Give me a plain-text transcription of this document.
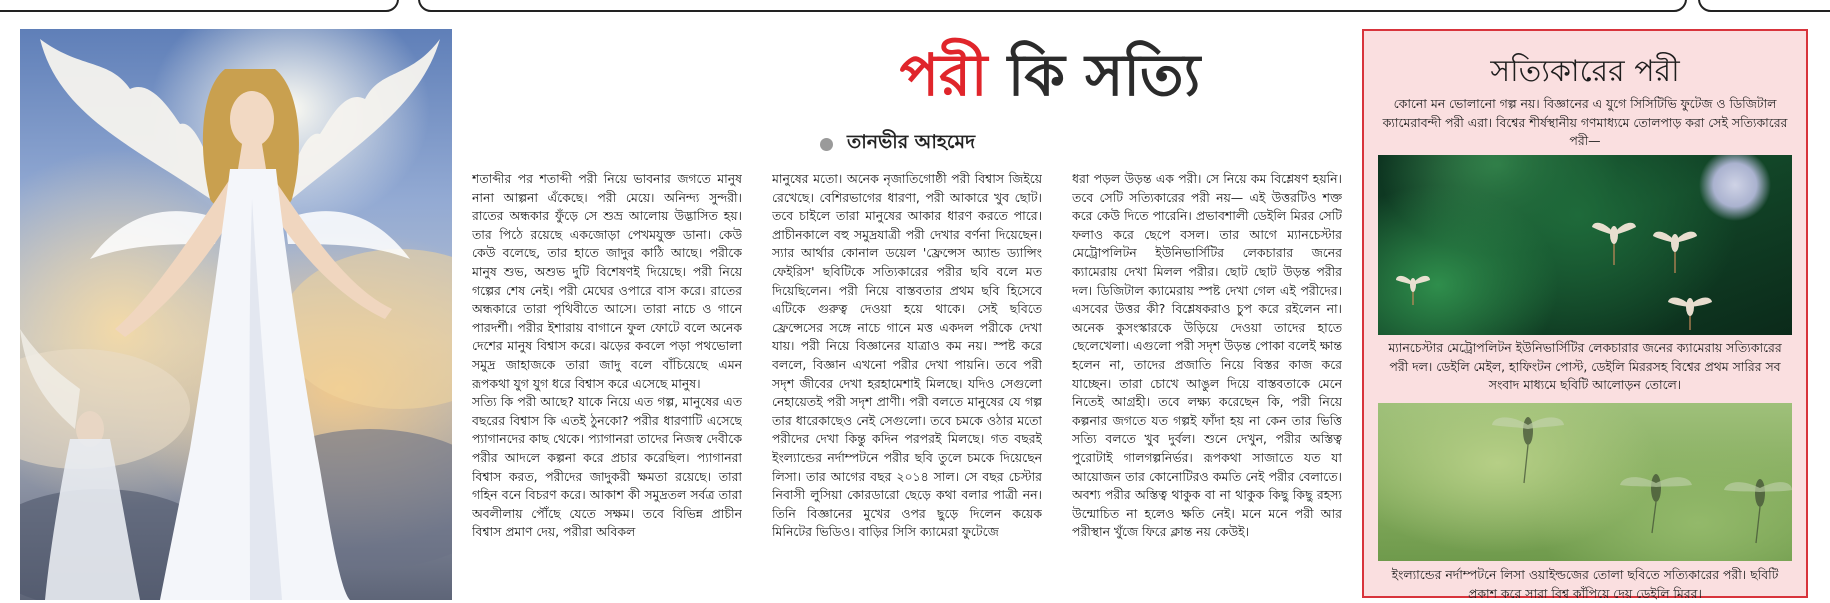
পরী কি সত্যি
তানভীর আহমেদ

শতাব্দীর পর শতাব্দী পরী নিয়ে ভাবনার জগতে মানুষ নানা আল্পনা এঁকেছে। পরী মেয়ে। অনিন্দ্য সুন্দরী। রাতের অন্ধকার ফুঁড়ে সে শুভ্র আলোয় উদ্ভাসিত হয়। তার পিঠে রয়েছে একজোড়া পেখমযুক্ত ডানা। কেউ কেউ বলেছে, তার হাতে জাদুর কাঠি আছে। পরীকে মানুষ শুভ, অশুভ দুটি বিশেষণই দিয়েছে। পরী নিয়ে গল্পের শেষ নেই। পরী মেঘের ওপারে বাস করে। রাতের অন্ধকারে তারা পৃথিবীতে আসে। তারা নাচে ও গানে পারদর্শী। পরীর ইশারায় বাগানে ফুল ফোটে বলে অনেক দেশের মানুষ বিশ্বাস করে। ঝড়ের কবলে পড়া পথভোলা সমুদ্র জাহাজকে তারা জাদু বলে বাঁচিয়েছে এমন রূপকথা যুগ যুগ ধরে বিশ্বাস করে এসেছে মানুষ।
সত্যি কি পরী আছে? যাকে নিয়ে এত গল্প, মানুষের এত বছরের বিশ্বাস কি এতই ঠুনকো? পরীর ধারণাটি এসেছে প্যাগানদের কাছ থেকে। প্যাগানরা তাদের নিজস্ব দেবীকে পরীর আদলে কল্পনা করে প্রচার করেছিল। প্যাগানরা বিশ্বাস করত, পরীদের জাদুকরী ক্ষমতা রয়েছে। তারা গহিন বনে বিচরণ করে। আকাশ কী সমুদ্রতল সর্বত্র তারা অবলীলায় পৌঁছে যেতে সক্ষম। তবে বিভিন্ন প্রাচীন বিশ্বাস প্রমাণ দেয়, পরীরা অবিকল

মানুষের মতো। অনেক নৃজাতিগোষ্ঠী পরী বিশ্বাস জিইয়ে রেখেছে। বেশিরভাগের ধারণা, পরী আকারে খুব ছোট। তবে চাইলে তারা মানুষের আকার ধারণ করতে পারে। প্রাচীনকালে বহু সমুদ্রযাত্রী পরী দেখার বর্ণনা দিয়েছেন। স্যার আর্থার কোনাল ডয়েল 'ফ্রেন্সেস অ্যান্ড ড্যান্সিং ফেইরিস' ছবিটিকে সত্যিকারের পরীর ছবি বলে মত দিয়েছিলেন। পরী নিয়ে বাস্তবতার প্রথম ছবি হিসেবে এটিকে গুরুত্ব দেওয়া হয়ে থাকে। সেই ছবিতে ফ্রেন্সেসের সঙ্গে নাচে গানে মত্ত একদল পরীকে দেখা যায়। পরী নিয়ে বিজ্ঞানের যাত্রাও কম নয়। স্পষ্ট করে বললে, বিজ্ঞান এখনো পরীর দেখা পায়নি। তবে পরী সদৃশ জীবের দেখা হরহামেশাই মিলছে। যদিও সেগুলো নেহায়েতই পরী সদৃশ প্রাণী। পরী বলতে মানুষের যে গল্প তার ধারেকাছেও নেই সেগুলো। তবে চমকে ওঠার মতো পরীদের দেখা কিন্তু কদিন পরপরই মিলছে। গত বছরই ইংল্যান্ডের নর্দাম্পটনে পরীর ছবি তুলে চমকে দিয়েছেন লিসা। তার আগের বছর ২০১৪ সাল। সে বছর চেস্টার নিবাসী লুসিয়া কোরডারো ছেড়ে কথা বলার পাত্রী নন। তিনি বিজ্ঞানের মুখের ওপর ছুড়ে দিলেন কয়েক মিনিটের ভিডিও। বাড়ির সিসি ক্যামেরা ফুটেজে

ধরা পড়ল উড়ন্ত এক পরী। সে নিয়ে কম বিশ্লেষণ হয়নি। তবে সেটি সত্যিকারের পরী নয়— এই উত্তরটিও শক্ত করে কেউ দিতে পারেনি। প্রভাবশালী ডেইলি মিরর সেটি ফলাও করে ছেপে বসল। তার আগে ম্যানচেস্টার মেট্রোপলিটন ইউনিভার্সিটির লেকচারার জনের ক্যামেরায় দেখা মিলল পরীর। ছোট ছোট উড়ন্ত পরীর দল। ডিজিটাল ক্যামেরায় স্পষ্ট দেখা গেল এই পরীদের। এসবের উত্তর কী? বিশ্লেষকরাও চুপ করে রইলেন না। অনেক কুসংস্কারকে উড়িয়ে দেওয়া তাদের হাতে ছেলেখেলা। এগুলো পরী সদৃশ উড়ন্ত পোকা বলেই ক্ষান্ত হলেন না, তাদের প্রজাতি নিয়ে বিস্তর কাজ করে যাচ্ছেন। তারা চোখে আঙুল দিয়ে বাস্তবতাকে মেনে নিতেই আগ্রহী। তবে লক্ষ্য করেছেন কি, পরী নিয়ে কল্পনার জগতে যত গল্পই ফাঁদা হয় না কেন তার ভিত্তি সত্যি বলতে খুব দুর্বল। শুনে দেখুন, পরীর অস্তিত্ব পুরোটাই গালগল্পনির্ভর। রূপকথা সাজাতে যত যা আয়োজন তার কোনোটিরও কমতি নেই পরীর বেলাতে। অবশ্য পরীর অস্তিত্ব থাকুক বা না থাকুক কিছু কিছু রহস্য উন্মোচিত না হলেও ক্ষতি নেই। মনে মনে পরী আর পরীস্থান খুঁজে ফিরে ক্লান্ত নয় কেউই।

সত্যিকারের পরী
কোনো মন ভোলানো গল্প নয়। বিজ্ঞানের এ যুগে সিসিটিভি ফুটেজ ও ডিজিটাল ক্যামেরাবন্দী পরী এরা। বিশ্বের শীর্ষস্থানীয় গণমাধ্যমে তোলপাড় করা সেই সত্যিকারের পরী—
ম্যানচেস্টার মেট্রোপলিটন ইউনিভার্সিটির লেকচারার জনের ক্যামেরায় সত্যিকারের পরী দল। ডেইলি মেইল, হাফিংটন পোস্ট, ডেইলি মিররসহ বিশ্বের প্রথম সারির সব সংবাদ মাধ্যমে ছবিটি আলোড়ন তোলে।
ইংল্যান্ডের নর্দাম্পটনে লিসা ওয়াইল্ডজের তোলা ছবিতে সত্যিকারের পরী। ছবিটি প্রকাশ করে সারা বিশ্ব কাঁপিয়ে দেয় ডেইলি মিরর।
